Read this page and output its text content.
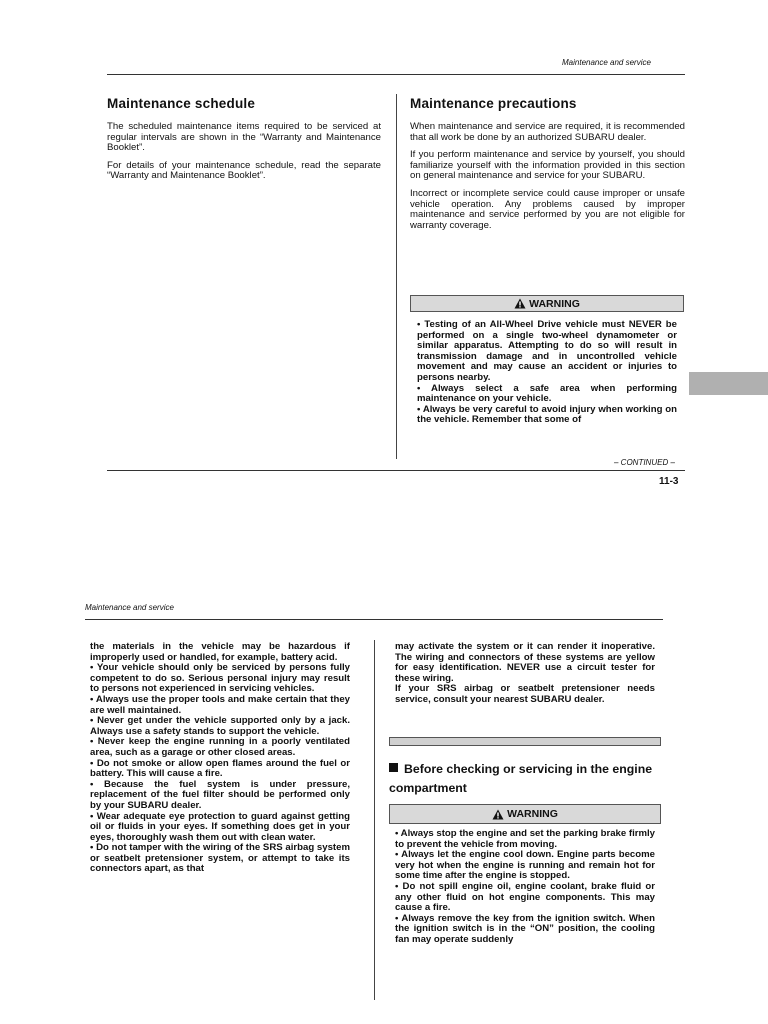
Maintenance and service
Maintenance schedule

The scheduled maintenance items required to be serviced at regular intervals are shown in the “Warranty and Maintenance Booklet”.

For details of your maintenance schedule, read the separate “Warranty and Maintenance Booklet”.

Maintenance precautions

When maintenance and service are required, it is recommended that all work be done by an authorized SUBARU dealer.

If you perform maintenance and service by yourself, you should familiarize yourself with the information provided in this section on general maintenance and service for your SUBARU.

Incorrect or incomplete service could cause improper or unsafe vehicle operation. Any problems caused by improper maintenance and service performed by you are not eligible for warranty coverage.

WARNING

• Testing of an All-Wheel Drive vehicle must NEVER be performed on a single two-wheel dynamometer or similar apparatus. Attempting to do so will result in transmission damage and in uncontrolled vehicle movement and may cause an accident or injuries to persons nearby.

• Always select a safe area when performing maintenance on your vehicle.

• Always be very careful to avoid injury when working on the vehicle. Remember that some of

– CONTINUED –
11-3
Maintenance and service

the materials in the vehicle may be hazardous if improperly used or handled, for example, battery acid.

• Your vehicle should only be serviced by persons fully competent to do so. Serious personal injury may result to persons not experienced in servicing vehicles.

• Always use the proper tools and make certain that they are well maintained.

• Never get under the vehicle supported only by a jack. Always use a safety stands to support the vehicle.

• Never keep the engine running in a poorly ventilated area, such as a garage or other closed areas.

• Do not smoke or allow open flames around the fuel or battery. This will cause a fire.

• Because the fuel system is under pressure, replacement of the fuel filter should be performed only by your SUBARU dealer.

• Wear adequate eye protection to guard against getting oil or fluids in your eyes. If something does get in your eyes, thoroughly wash them out with clean water.

• Do not tamper with the wiring of the SRS airbag system or seatbelt pretensioner system, or attempt to take its connectors apart, as that

may activate the system or it can render it inoperative. The wiring and connectors of these systems are yellow for easy identification. NEVER use a circuit tester for these wiring.

If your SRS airbag or seatbelt pretensioner needs service, consult your nearest SUBARU dealer.

Before checking or servicing in the engine compartment
WARNING

• Always stop the engine and set the parking brake firmly to prevent the vehicle from moving.

• Always let the engine cool down. Engine parts become very hot when the engine is running and remain hot for some time after the engine is stopped.

• Do not spill engine oil, engine coolant, brake fluid or any other fluid on hot engine components. This may cause a fire.

• Always remove the key from the ignition switch. When the ignition switch is in the “ON” position, the cooling fan may operate suddenly
